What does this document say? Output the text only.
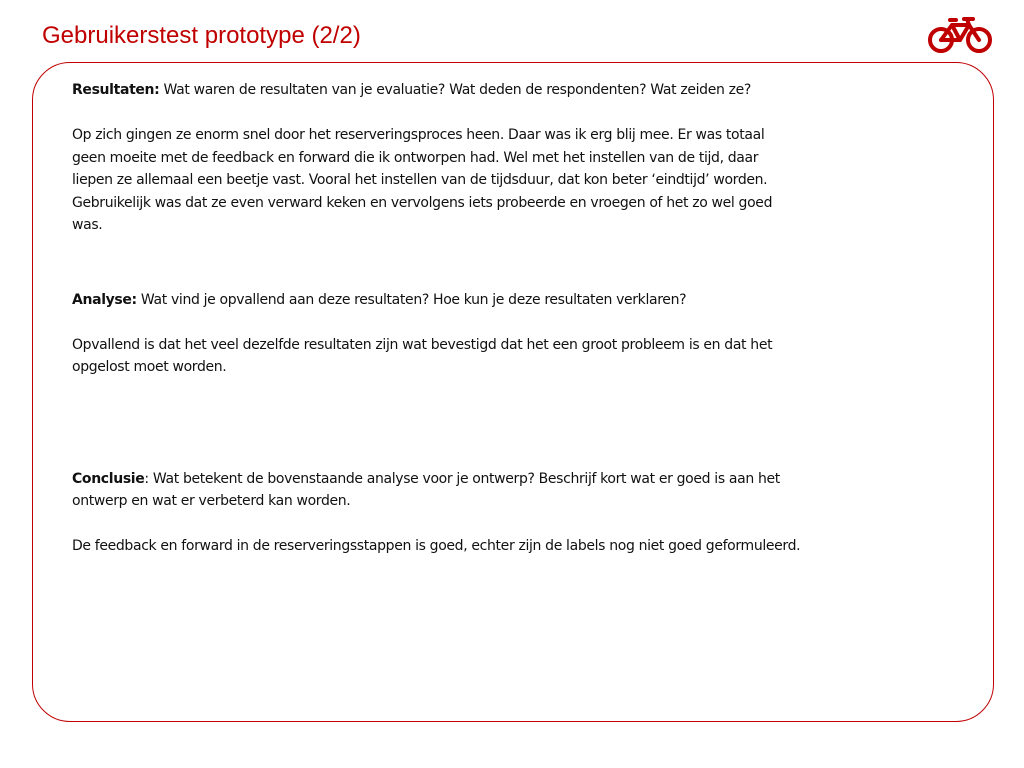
Gebruikerstest prototype (2/2)

Resultaten: Wat waren de resultaten van je evaluatie? Wat deden de respondenten? Wat zeiden ze?

Op zich gingen ze enorm snel door het reserveringsproces heen. Daar was ik erg blij mee. Er was totaal

geen moeite met de feedback en forward die ik ontworpen had. Wel met het instellen van de tijd, daar

liepen ze allemaal een beetje vast. Vooral het instellen van de tijdsduur, dat kon beter ‘eindtijd’ worden.

Gebruikelijk was dat ze even verward keken en vervolgens iets probeerde en vroegen of het zo wel goed

was.

Analyse: Wat vind je opvallend aan deze resultaten? Hoe kun je deze resultaten verklaren?

Opvallend is dat het veel dezelfde resultaten zijn wat bevestigd dat het een groot probleem is en dat het

opgelost moet worden.

Conclusie: Wat betekent de bovenstaande analyse voor je ontwerp? Beschrijf kort wat er goed is aan het

ontwerp en wat er verbeterd kan worden.

De feedback en forward in de reserveringsstappen is goed, echter zijn de labels nog niet goed geformuleerd.
